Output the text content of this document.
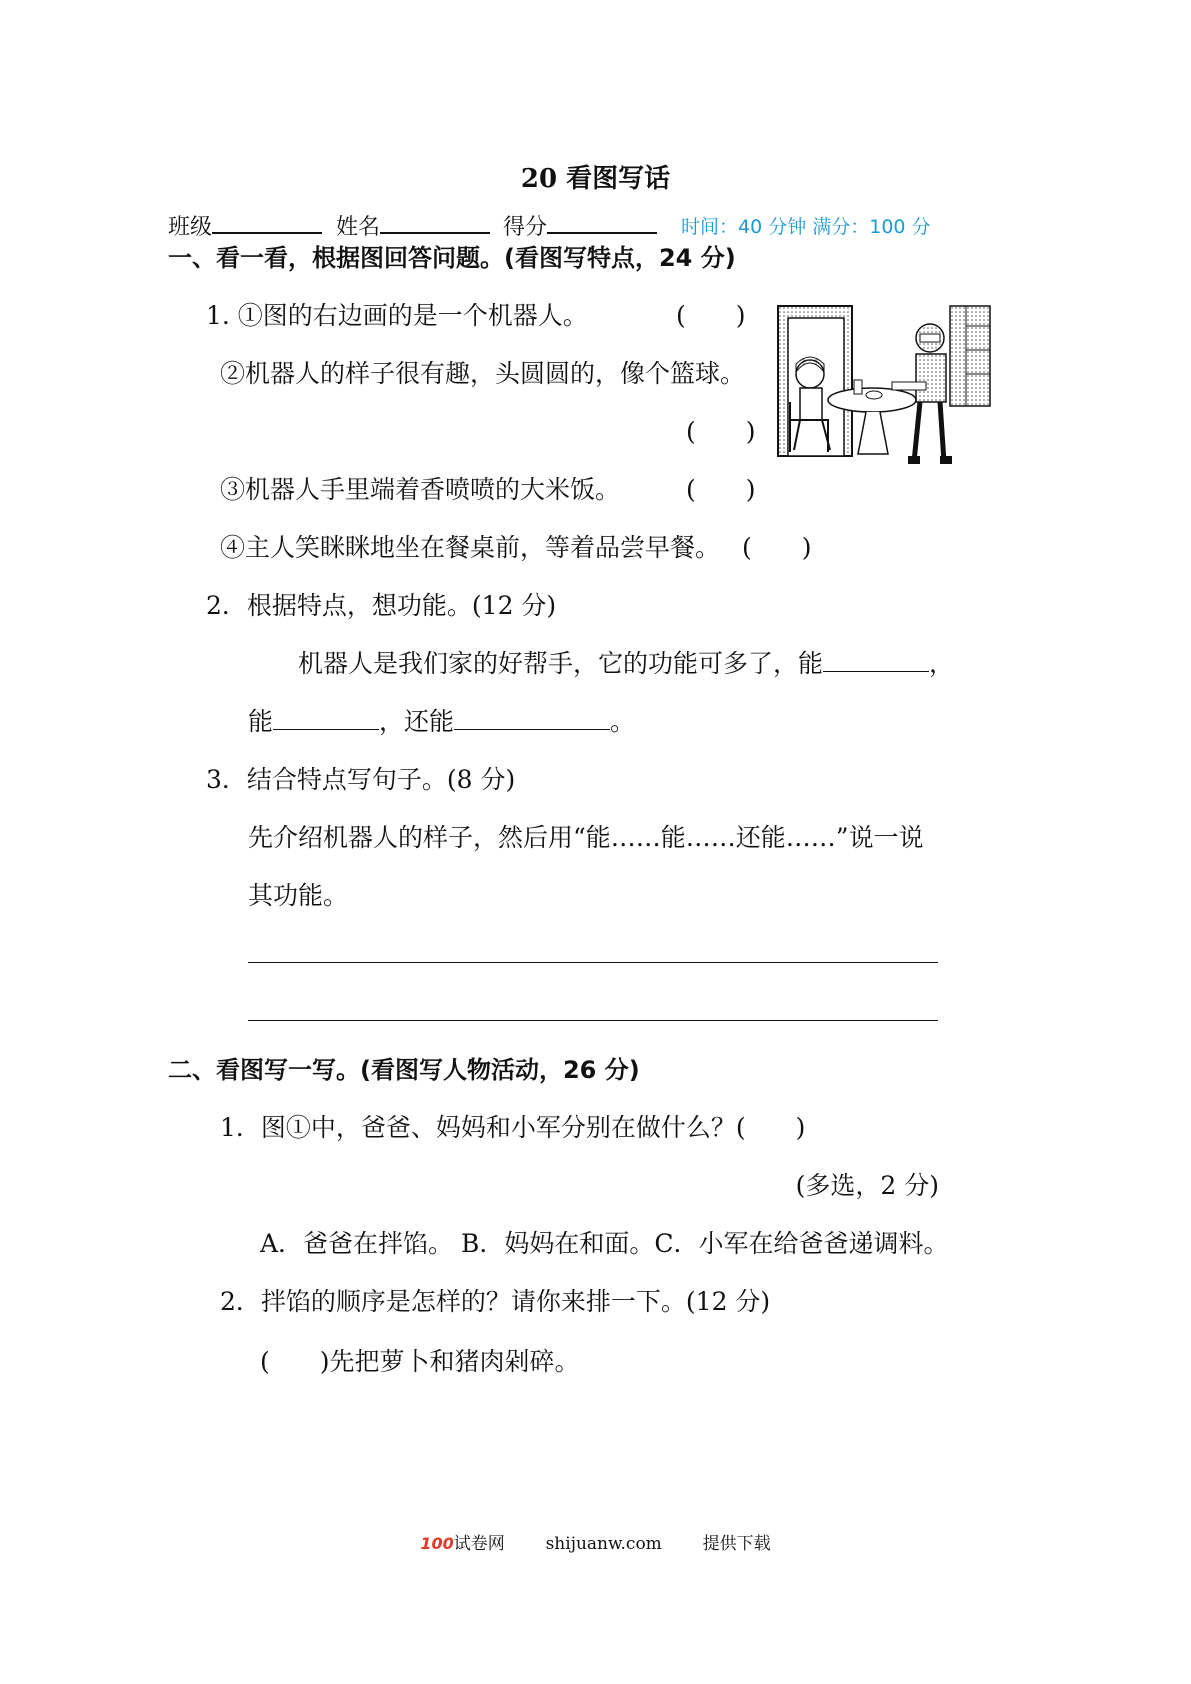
20 看图写话
班级	姓名	得分	时间：40 分钟 满分：100 分
一、看一看，根据图回答问题。(看图写特点，24 分)
1. ①图的右边画的是一个机器人。	(　　)
②机器人的样子很有趣，头圆圆的，像个篮球。
(　　)
③机器人手里端着香喷喷的大米饭。	(　　)
④主人笑眯眯地坐在餐桌前，等着品尝早餐。 (　　)
2．根据特点，想功能。(12 分)
机器人是我们家的好帮手，它的功能可多了，能	，
能	，还能	。
3．结合特点写句子。(8 分)
先介绍机器人的样子，然后用“能……能……还能……”说一说
其功能。
二、看图写一写。(看图写人物活动，26 分)
1．图①中，爸爸、妈妈和小军分别在做什么？(　　)
(多选，2 分)
A．爸爸在拌馅。 B．妈妈在和面。C．小军在给爸爸递调料。
2．拌馅的顺序是怎样的？请你来排一下。(12 分)
(　　)先把萝卜和猪肉剁碎。
100试卷网 shijuanw.com 提供下载
